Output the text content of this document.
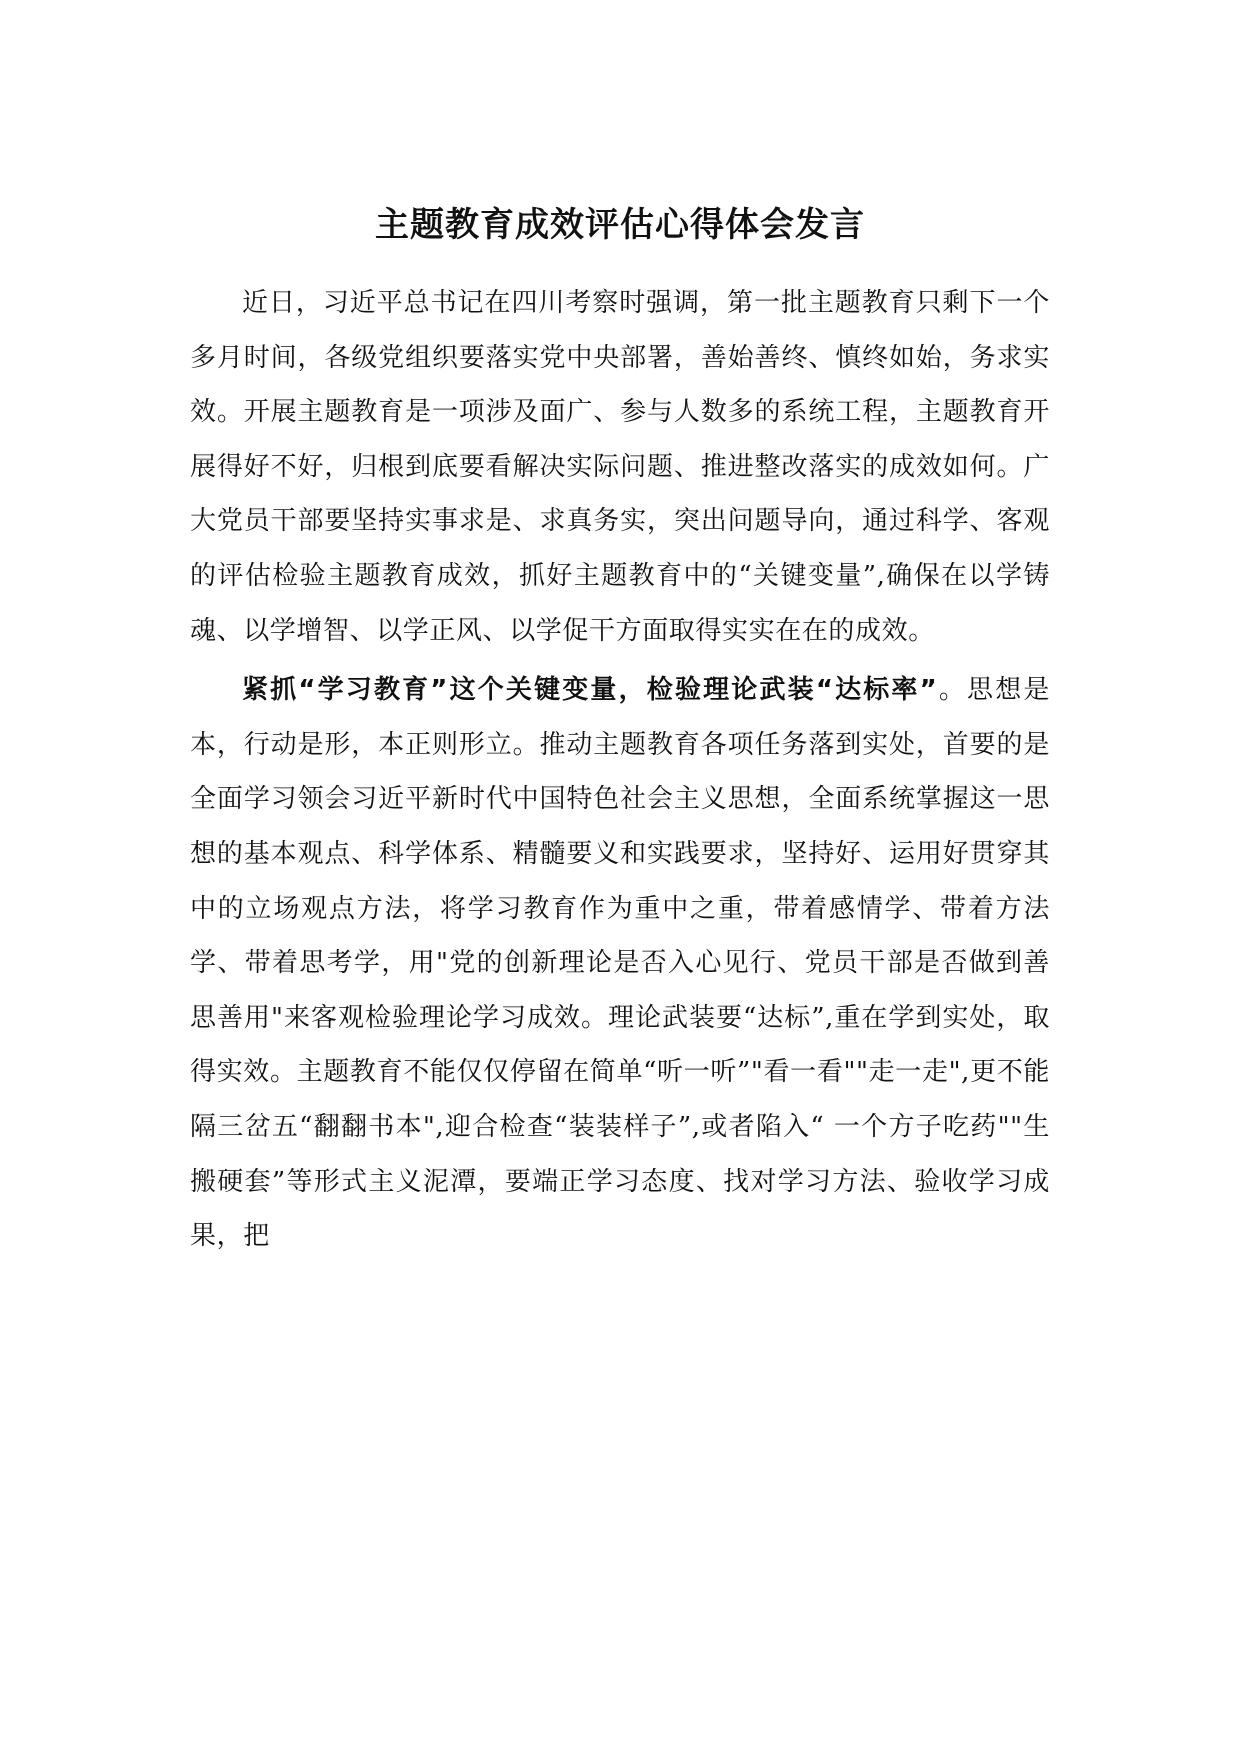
主题教育成效评估心得体会发言

近日，习近平总书记在四川考察时强调，第一批主题教育只剩下一个多月时间，各级党组织要落实党中央部署，善始善终、慎终如始，务求实效。开展主题教育是一项涉及面广、参与人数多的系统工程，主题教育开展得好不好，归根到底要看解决实际问题、推进整改落实的成效如何。广大党员干部要坚持实事求是、求真务实，突出问题导向，通过科学、客观的评估检验主题教育成效，抓好主题教育中的“关键变量”,确保在以学铸魂、以学增智、以学正风、以学促干方面取得实实在在的成效。

紧抓“学习教育”这个关键变量，检验理论武装“达标率”。思想是本，行动是形，本正则形立。推动主题教育各项任务落到实处，首要的是全面学习领会习近平新时代中国特色社会主义思想，全面系统掌握这一思想的基本观点、科学体系、精髓要义和实践要求，坚持好、运用好贯穿其中的立场观点方法，将学习教育作为重中之重，带着感情学、带着方法学、带着思考学，用"党的创新理论是否入心见行、党员干部是否做到善思善用"来客观检验理论学习成效。理论武装要“达标”,重在学到实处，取得实效。主题教育不能仅仅停留在简单“听一听”"看一看""走一走",更不能隔三岔五“翻翻书本",迎合检查“装装样子”,或者陷入“ 一个方子吃药""生搬硬套”等形式主义泥潭，要端正学习态度、找对学习方法、验收学习成果，把
